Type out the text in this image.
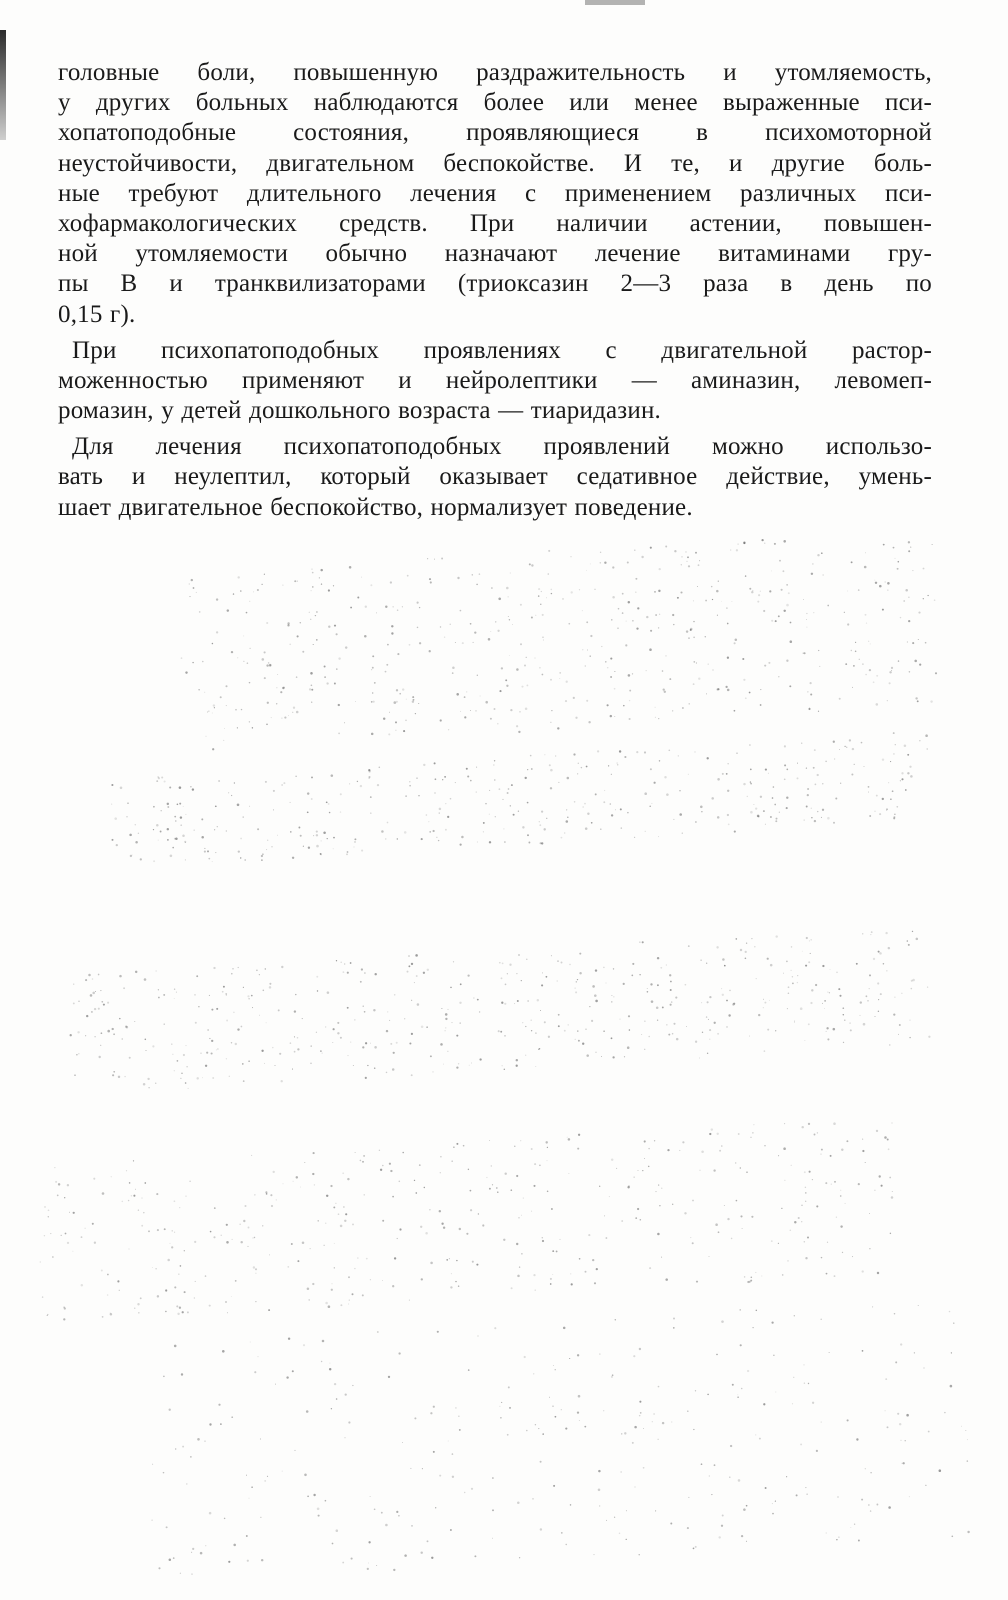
головные боли, повышенную раздражительность и утомляемость,
у других больных наблюдаются более или менее выраженные пси-
хопатоподобные состояния, проявляющиеся в психомоторной
неустойчивости, двигательном беспокойстве. И те, и другие боль-
ные требуют длительного лечения с применением различных пси-
хофармакологических средств. При наличии астении, повышен-
ной утомляемости обычно назначают лечение витаминами гру-
пы В и транквилизаторами (триоксазин 2—3 раза в день по
0,15 г).
При психопатоподобных проявлениях с двигательной растор-
моженностью применяют и нейролептики — аминазин, левомеп-
ромазин, у детей дошкольного возраста — тиаридазин.
Для лечения психопатоподобных проявлений можно использо-
вать и неулептил, который оказывает седативное действие, умень-
шает двигательное беспокойство, нормализует поведение.
